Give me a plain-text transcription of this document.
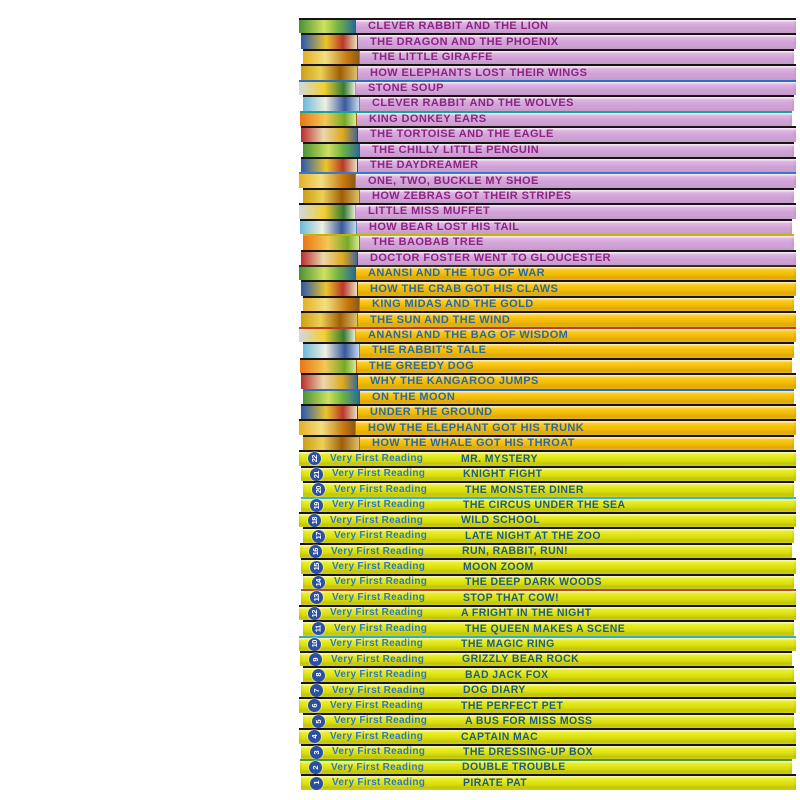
CLEVER RABBIT AND THE LION
THE DRAGON AND THE PHOENIX
THE LITTLE GIRAFFE
HOW ELEPHANTS LOST THEIR WINGS
STONE SOUP
CLEVER RABBIT AND THE WOLVES
KING DONKEY EARS
THE TORTOISE AND THE EAGLE
THE CHILLY LITTLE PENGUIN
THE DAYDREAMER
ONE, TWO, BUCKLE MY SHOE
HOW ZEBRAS GOT THEIR STRIPES
LITTLE MISS MUFFET
HOW BEAR LOST HIS TAIL
THE BAOBAB TREE
DOCTOR FOSTER WENT TO GLOUCESTER
ANANSI AND THE TUG OF WAR
HOW THE CRAB GOT HIS CLAWS
KING MIDAS AND THE GOLD
THE SUN AND THE WIND
ANANSI AND THE BAG OF WISDOM
THE RABBIT'S TALE
THE GREEDY DOG
WHY THE KANGAROO JUMPS
ON THE MOON
UNDER THE GROUND
HOW THE ELEPHANT GOT HIS TRUNK
HOW THE WHALE GOT HIS THROAT
22 Very First Reading	MR. MYSTERY
21 Very First Reading	KNIGHT FIGHT
20 Very First Reading	THE MONSTER DINER
19 Very First Reading	THE CIRCUS UNDER THE SEA
18 Very First Reading	WILD SCHOOL
17 Very First Reading	LATE NIGHT AT THE ZOO
16 Very First Reading	RUN, RABBIT, RUN!
15 Very First Reading	MOON ZOOM
14 Very First Reading	THE DEEP DARK WOODS
13 Very First Reading	STOP THAT COW!
12 Very First Reading	A FRIGHT IN THE NIGHT
11 Very First Reading	THE QUEEN MAKES A SCENE
10 Very First Reading	THE MAGIC RING
9 Very First Reading	GRIZZLY BEAR ROCK
8 Very First Reading	BAD JACK FOX
7 Very First Reading	DOG DIARY
6 Very First Reading	THE PERFECT PET
5 Very First Reading	A BUS FOR MISS MOSS
4 Very First Reading	CAPTAIN MAC
3 Very First Reading	THE DRESSING-UP BOX
2 Very First Reading	DOUBLE TROUBLE
1 Very First Reading	PIRATE PAT
